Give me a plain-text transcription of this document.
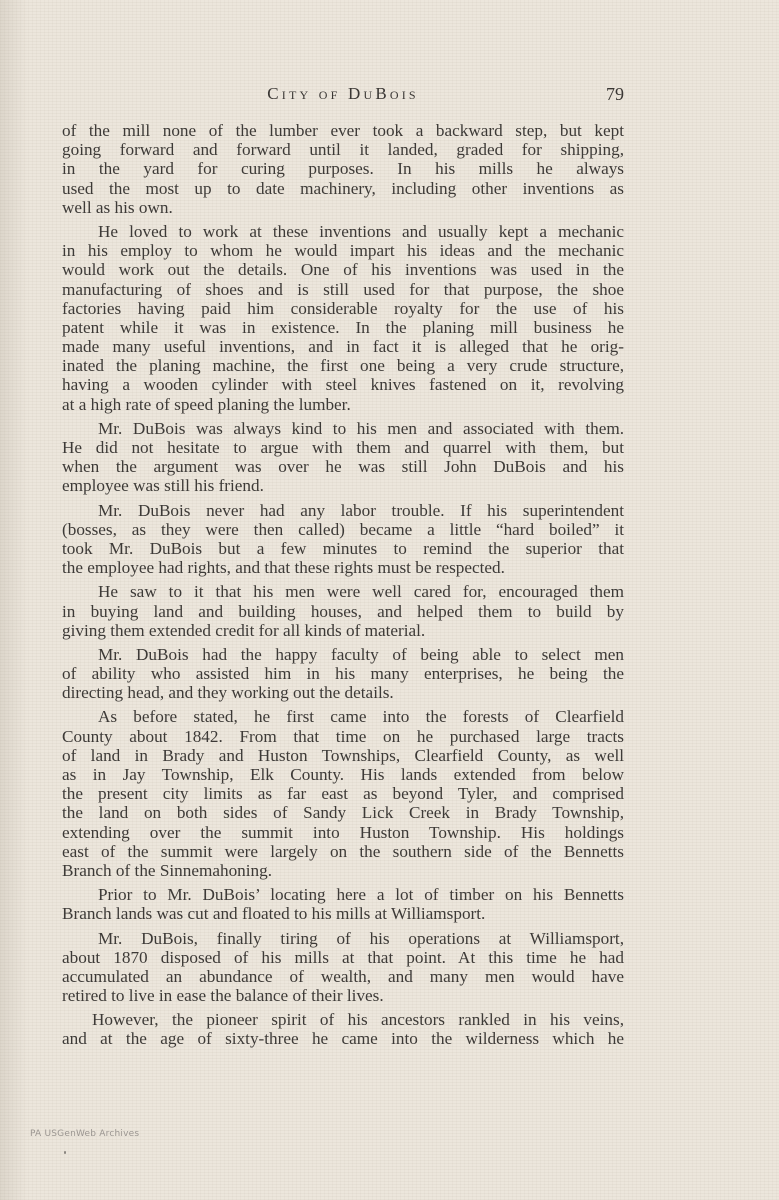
City of DuBois	79
of the mill none of the lumber ever took a backward step, but kept
going forward and forward until it landed, graded for shipping,
in the yard for curing purposes. In his mills he always
used the most up to date machinery, including other inventions as
well as his own.
He loved to work at these inventions and usually kept a mechanic
in his employ to whom he would impart his ideas and the mechanic
would work out the details. One of his inventions was used in the
manufacturing of shoes and is still used for that purpose, the shoe
factories having paid him considerable royalty for the use of his
patent while it was in existence. In the planing mill business he
made many useful inventions, and in fact it is alleged that he orig-
inated the planing machine, the first one being a very crude structure,
having a wooden cylinder with steel knives fastened on it, revolving
at a high rate of speed planing the lumber.
Mr. DuBois was always kind to his men and associated with them.
He did not hesitate to argue with them and quarrel with them, but
when the argument was over he was still John DuBois and his
employee was still his friend.
Mr. DuBois never had any labor trouble. If his superintendent
(bosses, as they were then called) became a little “hard boiled” it
took Mr. DuBois but a few minutes to remind the superior that
the employee had rights, and that these rights must be respected.
He saw to it that his men were well cared for, encouraged them
in buying land and building houses, and helped them to build by
giving them extended credit for all kinds of material.
Mr. DuBois had the happy faculty of being able to select men
of ability who assisted him in his many enterprises, he being the
directing head, and they working out the details.
As before stated, he first came into the forests of Clearfield
County about 1842. From that time on he purchased large tracts
of land in Brady and Huston Townships, Clearfield County, as well
as in Jay Township, Elk County. His lands extended from below
the present city limits as far east as beyond Tyler, and comprised
the land on both sides of Sandy Lick Creek in Brady Township,
extending over the summit into Huston Township. His holdings
east of the summit were largely on the southern side of the Bennetts
Branch of the Sinnemahoning.
Prior to Mr. DuBois’ locating here a lot of timber on his Bennetts
Branch lands was cut and floated to his mills at Williamsport.
Mr. DuBois, finally tiring of his operations at Williamsport,
about 1870 disposed of his mills at that point. At this time he had
accumulated an abundance of wealth, and many men would have
retired to live in ease the balance of their lives.
However, the pioneer spirit of his ancestors rankled in his veins,
and at the age of sixty-three he came into the wilderness which he
PA USGenWeb Archives
